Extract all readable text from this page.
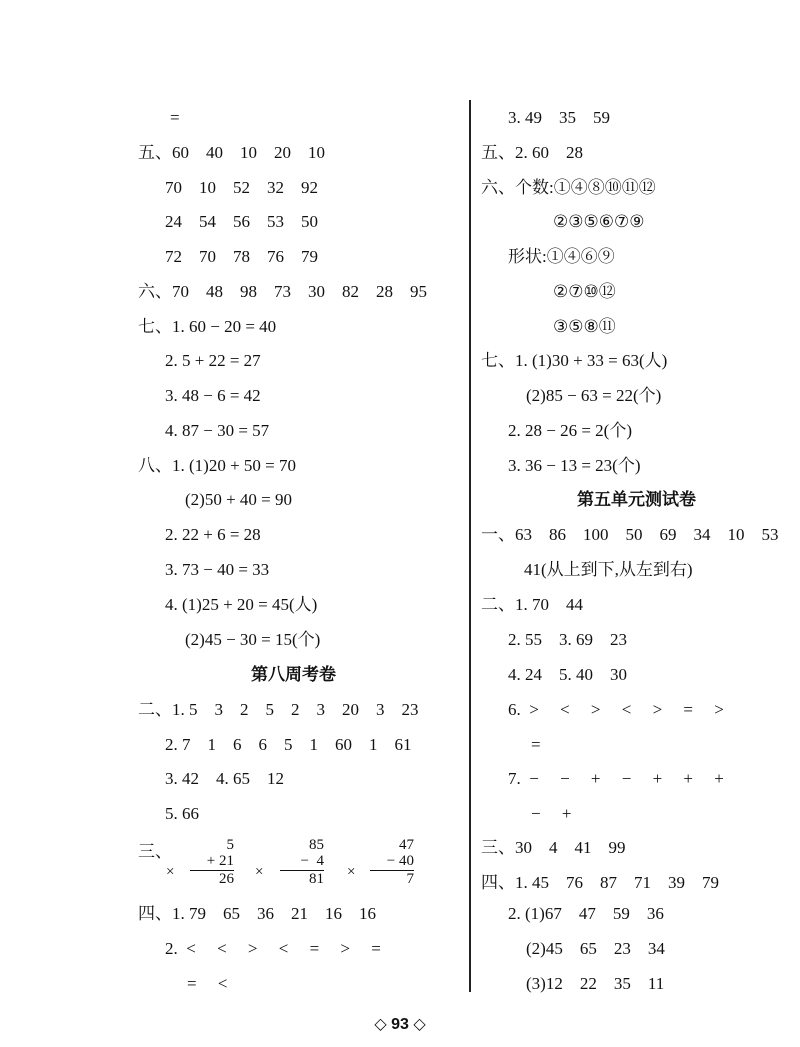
=
五、60    40    10    20    10
70    10    52    32    92
24    54    56    53    50
72    70    78    76    79
六、70    48    98    73    30    82    28    95
七、1. 60 − 20 = 40
2. 5 + 22 = 27
3. 48 − 6 = 42
4. 87 − 30 = 57
八、1. (1)20 + 50 = 70
(2)50 + 40 = 90
2. 22 + 6 = 28
3. 73 − 40 = 33
4. (1)25 + 20 = 45(人)
(2)45 − 30 = 15(个)
第八周考卷
二、1. 5    3    2    5    2    3    20    3    23
2. 7    1    6    6    5    1    60    1    61
3. 42    4. 65    12
5. 66
三、
×
5
+ 21
26 ×
85
−  4
81 ×
47
− 40
7
四、1. 79    65    36    21    16    16
2.  <     <     >     <     =     >     =
=     <
3. 49    35    59
五、2. 60    28
六、个数:①④⑧⑩⑪⑫
②③⑤⑥⑦⑨
形状:①④⑥⑨
②⑦⑩⑫
③⑤⑧⑪
七、1. (1)30 + 33 = 63(人)
(2)85 − 63 = 22(个)
2. 28 − 26 = 2(个)
3. 36 − 13 = 23(个)
第五单元测试卷
一、63    86    100    50    69    34    10    53
41(从上到下,从左到右)
二、1. 70    44
2. 55    3. 69    23
4. 24    5. 40    30
6.  >     <     >     <     >     =     >
=
7.  −     −     +     −     +     +     +
−     +
三、30    4    41    99
四、1. 45    76    87    71    39    79
2. (1)67    47    59    36
(2)45    65    23    34
(3)12    22    35    11
◇ 93 ◇
